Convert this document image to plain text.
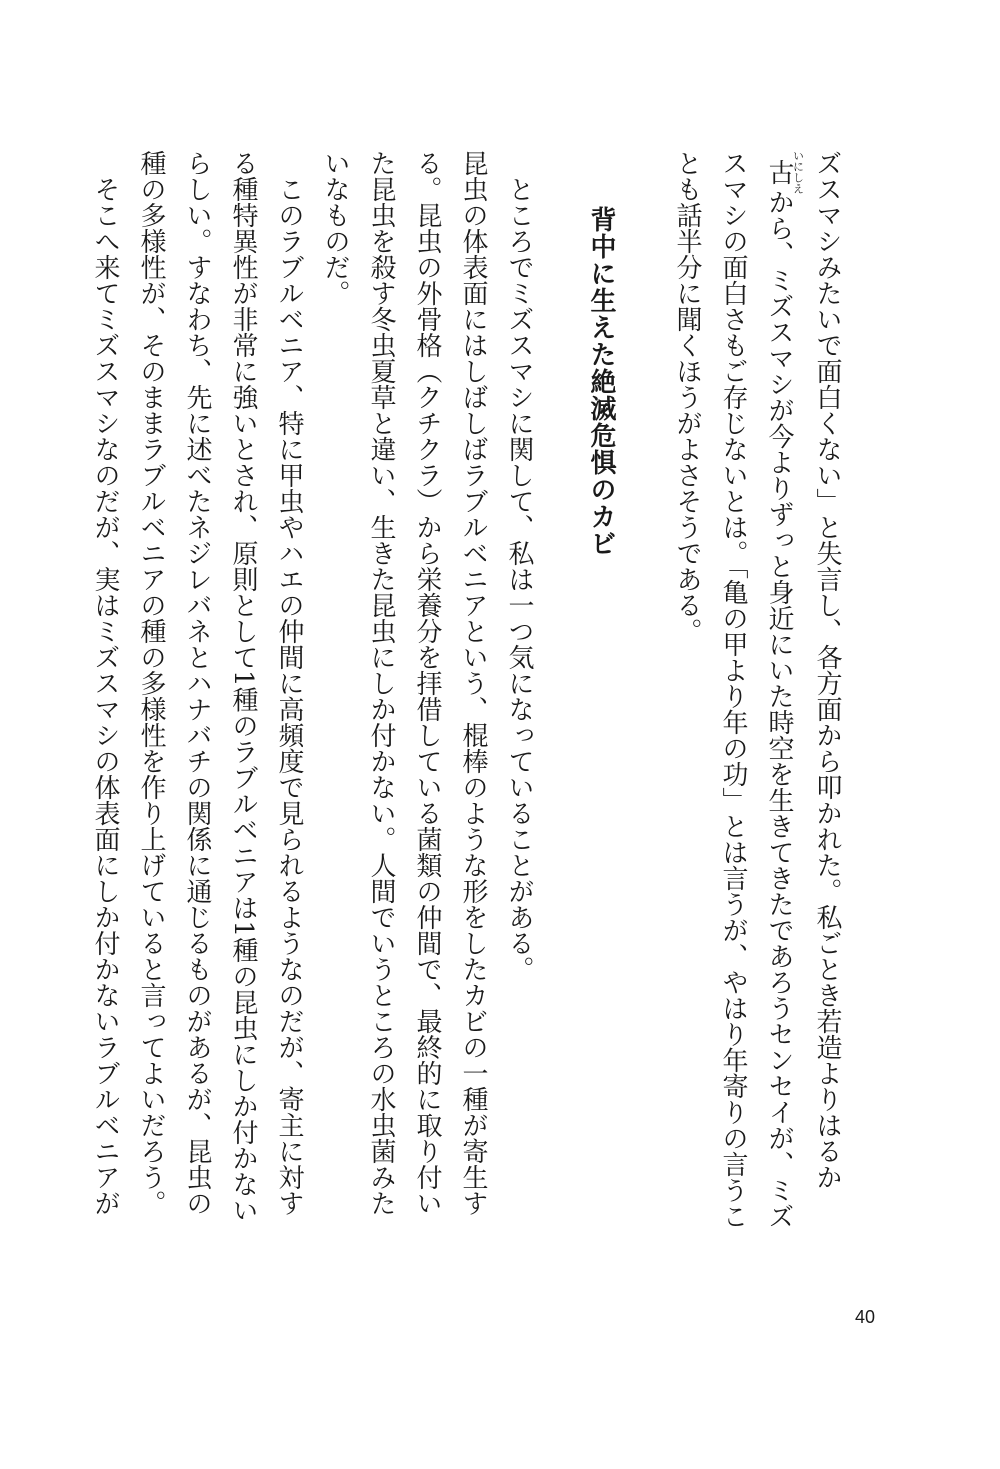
ズスマシみたいで面白くない」と失言し、各方面から叩かれた。私ごとき若造よりはるか

古いにしえから、ミズスマシが今よりずっと身近にいた時空を生きてきたであろうセンセイが、ミズスマシの面白さもご存じないとは。「亀の甲より年の功」とは言うが、やはり年寄りの言うことも話半分に聞くほうがよさそうである。

背中に生えた絶滅危惧のカビ

　ところでミズスマシに関して、私は一つ気になっていることがある。

昆虫の体表面にはしばしばラブルベニアという、棍棒のような形をしたカビの一種が寄生する。昆虫の外骨格（クチクラ）から栄養分を拝借している菌類の仲間で、最終的に取り付いた昆虫を殺す冬虫夏草と違い、生きた昆虫にしか付かない。人間でいうところの水虫菌みたいなものだ。

　このラブルベニア、特に甲虫やハエの仲間に高頻度で見られるようなのだが、寄主に対する種特異性が非常に強いとされ、原則として1種のラブルベニアは1種の昆虫にしか付かないらしい。すなわち、先に述べたネジレバネとハナバチの関係に通じるものがあるが、昆虫の種の多様性が、そのままラブルベニアの種の多様性を作り上げていると言ってよいだろう。

　そこへ来てミズスマシなのだが、実はミズスマシの体表面にしか付かないラブルベニアが

40
